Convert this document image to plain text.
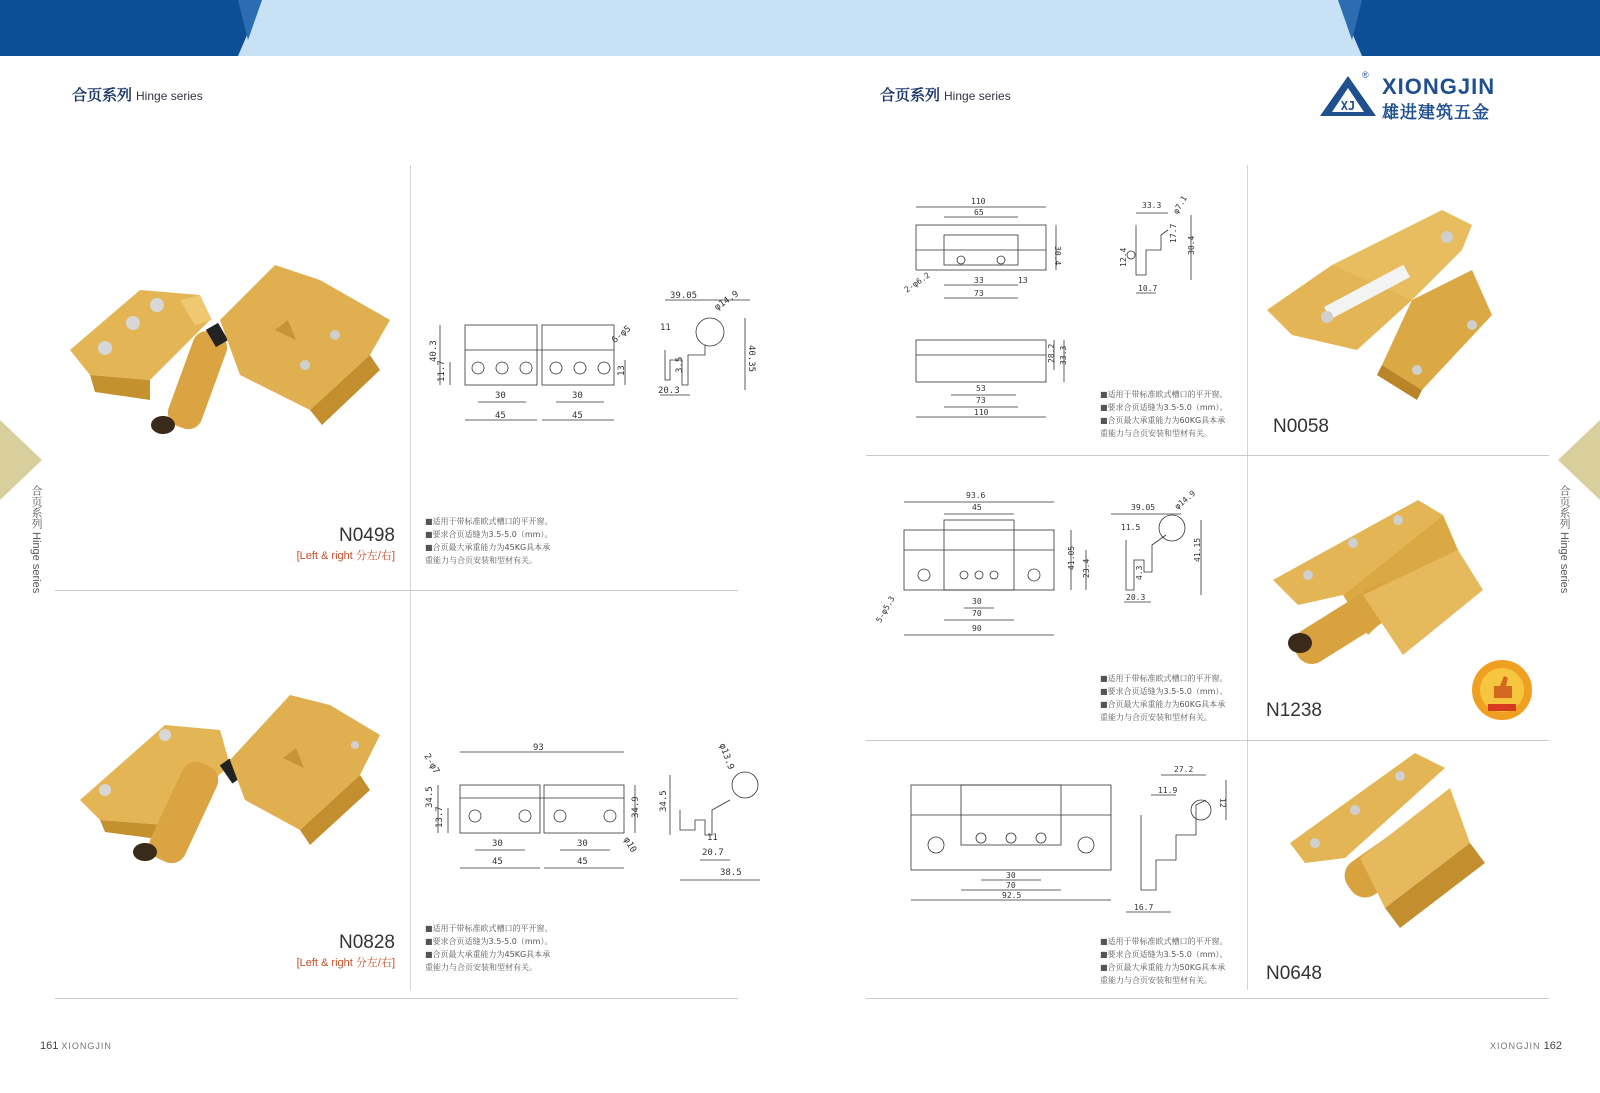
合页系列 Hinge series	合页系列 Hinge series
XJ
® XIONGJIN
雄进建筑五金
合页系列 Hinge series	合页系列 Hinge series
N0498
[Left & right 分左/右]
■适用于带标准欧式槽口的平开窗。
■要求合页适缝为3.5-5.0（mm）。
■合页最大承重能力为45KG具本承
重能力与合页安装和型材有关。
40.3
11.7
30	30
45	45
13
6-φ5
39.05 φ14.9
11
3.5
20.3
40.35
N0828
[Left & right 分左/右]
■适用于带标准欧式槽口的平开窗。
■要求合页适缝为3.5-5.0（mm）。
■合页最大承重能力为45KG具本承
重能力与合页安装和型材有关。
93
2-φ7
34.5
13.7
30	30
45	45
34.9
φ10
φ13.9
34.5
11
20.7
38.5
110
65
30.4
2-φ6.2	33
73
13
33.3 φ7.1
17.7
30.4
12.4
10.7
53
73
110
28.2 33.3
■适用于带标准欧式槽口的平开窗。
■要求合页适缝为3.5-5.0（mm）。
■合页最大承重能力为60KG具本承
重能力与合页安装和型材有关。	N0058
93.6
45
41.05 23.4
5-φ5.3	30
70
90
39.05 φ14.9
11.5
4.3
20.3
41.15
■适用于带标准欧式槽口的平开窗。
■要求合页适缝为3.5-5.0（mm）。
■合页最大承重能力为60KG具本承
重能力与合页安装和型材有关。	N1238
30
70
92.5
27.2
11.9
12
16.7
■适用于带标准欧式槽口的平开窗。
■要求合页适缝为3.5-5.0（mm）。
■合页最大承重能力为50KG具本承
重能力与合页安装和型材有关。	N0648
161 XIONGJIN	XIONGJIN 162
